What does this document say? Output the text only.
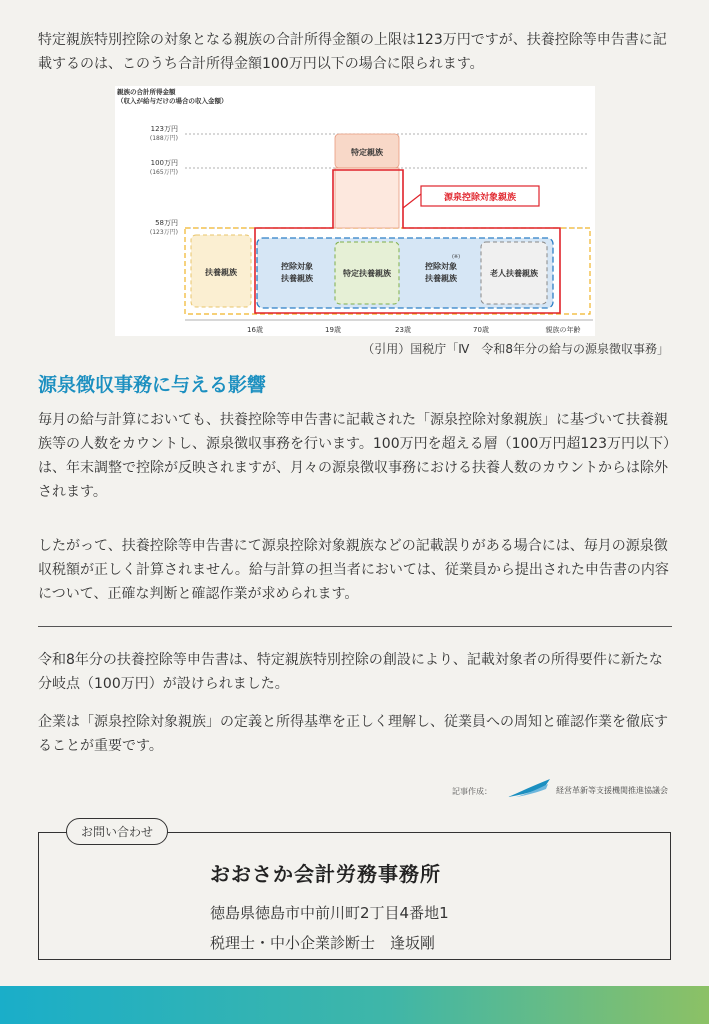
特定親族特別控除の対象となる親族の合計所得金額の上限は123万円ですが、扶養控除等申告書に記載するのは、このうち合計所得金額100万円以下の場合に限られます。

親族の合計所得金額
（収入が給与だけの場合の収入金額）
123万円
(188万円)
100万円
(165万円)
58万円
(123万円)
扶養親族
控除対象
扶養親族
特定扶養親族
控除対象
(※)
扶養親族
老人扶養親族
特定親族
源泉控除対象親族
16歳	19歳	23歳	70歳	親族の年齢
（引用）国税庁「Ⅳ　令和8年分の給与の源泉徴収事務」
源泉徴収事務に与える影響

毎月の給与計算においても、扶養控除等申告書に記載された「源泉控除対象親族」に基づいて扶養親族等の人数をカウントし、源泉徴収事務を行います。100万円を超える層（100万円超123万円以下）は、年末調整で控除が反映されますが、月々の源泉徴収事務における扶養人数のカウントからは除外されます。

したがって、扶養控除等申告書にて源泉控除対象親族などの記載誤りがある場合には、毎月の源泉徴収税額が正しく計算されません。給与計算の担当者においては、従業員から提出された申告書の内容について、正確な判断と確認作業が求められます。

令和8年分の扶養控除等申告書は、特定親族特別控除の創設により、記載対象者の所得要件に新たな分岐点（100万円）が設けられました。

企業は「源泉控除対象親族」の定義と所得基準を正しく理解し、従業員への周知と確認作業を徹底することが重要です。

記事作成：	経営革新等支援機関推進協議会
お問い合わせ
おおさか会計労務事務所
徳島県徳島市中前川町2丁目4番地1
税理士・中小企業診断士　逢坂剛
